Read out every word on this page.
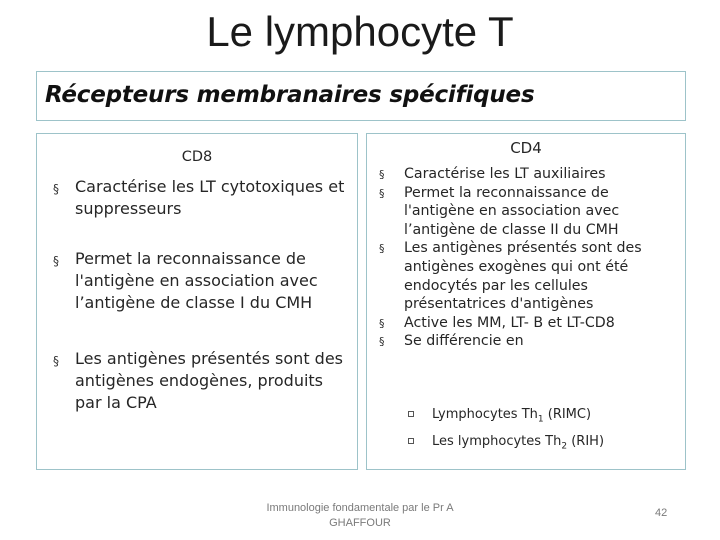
Le lymphocyte T
Récepteurs membranaires spécifiques
CD8
§ Caractérise les LT cytotoxiques et suppresseurs
§ Permet la reconnaissance de l'antigène en association avec l’antigène de classe I du CMH
§ Les antigènes présentés sont des antigènes endogènes, produits par la CPA
CD4
§ Caractérise les LT auxiliaires
§ Permet la reconnaissance de l'antigène en association avec l’antigène de classe II du CMH
§ Les antigènes présentés sont des antigènes exogènes qui ont été endocytés par les cellules présentatrices d'antigènes
§ Active les MM, LT- B et LT-CD8
§ Se différencie en
Lymphocytes $Th_1$ (RIMC)
Les lymphocytes $Th_2$ (RIH)
Immunologie fondamentale par le Pr A
GHAFFOUR
42
